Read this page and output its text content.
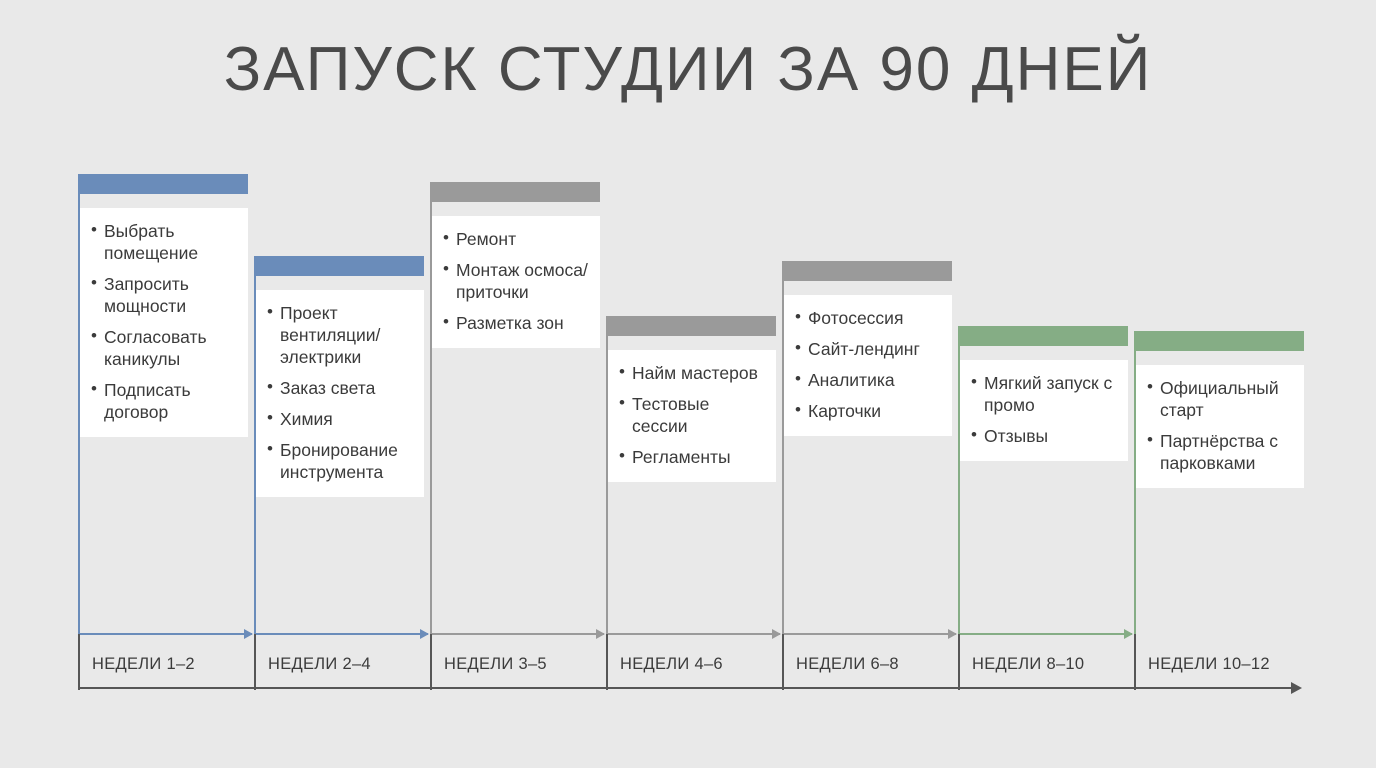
ЗАПУСК СТУДИИ ЗА 90 ДНЕЙ
• Выбрать помещение
• Запросить мощности
• Согласовать каникулы
• Подписать договор
НЕДЕЛИ 1–2
• Проект вентиляции/электрики
• Заказ света
• Химия
• Бронирование инструмента
НЕДЕЛИ 2–4
• Ремонт
• Монтаж осмоса/приточки
• Разметка зон
НЕДЕЛИ 3–5
• Найм мастеров
• Тестовые сессии
• Регламенты
НЕДЕЛИ 4–6
• Фотосессия
• Сайт-лендинг
• Аналитика
• Карточки
НЕДЕЛИ 6–8
• Мягкий запуск с промо
• Отзывы
НЕДЕЛИ 8–10
• Официальный старт
• Партнёрства с парковками
НЕДЕЛИ 10–12
